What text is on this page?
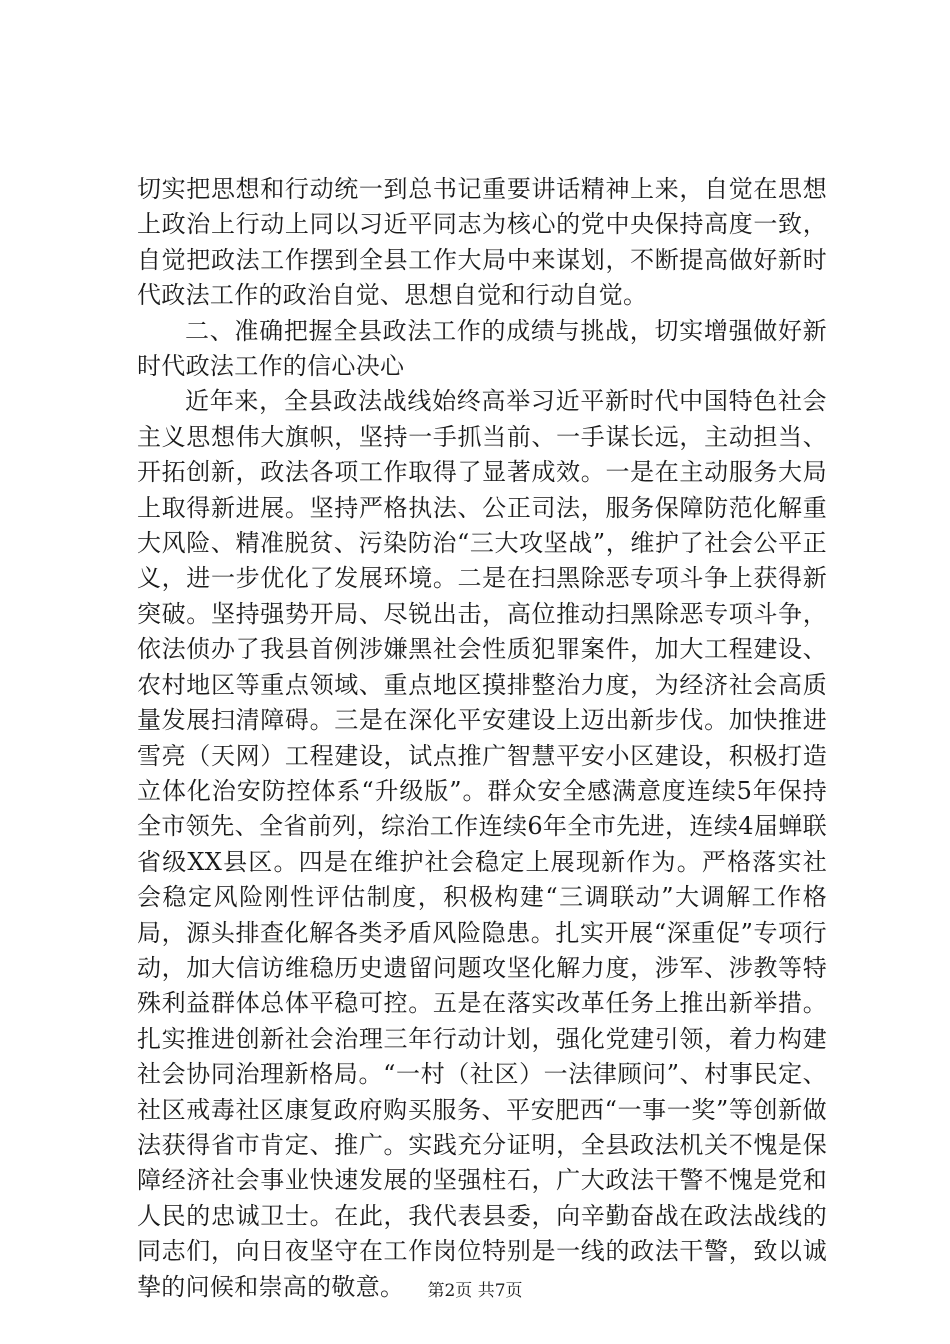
切实把思想和行动统一到总书记重要讲话精神上来，自觉在思想上政治上行动上同以习近平同志为核心的党中央保持高度一致，自觉把政法工作摆到全县工作大局中来谋划，不断提高做好新时代政法工作的政治自觉、思想自觉和行动自觉。

二、准确把握全县政法工作的成绩与挑战，切实增强做好新时代政法工作的信心决心

近年来，全县政法战线始终高举习近平新时代中国特色社会主义思想伟大旗帜，坚持一手抓当前、一手谋长远，主动担当、开拓创新，政法各项工作取得了显著成效。一是在主动服务大局上取得新进展。坚持严格执法、公正司法，服务保障防范化解重大风险、精准脱贫、污染防治“三大攻坚战”，维护了社会公平正义，进一步优化了发展环境。二是在扫黑除恶专项斗争上获得新突破。坚持强势开局、尽锐出击，高位推动扫黑除恶专项斗争，依法侦办了我县首例涉嫌黑社会性质犯罪案件，加大工程建设、农村地区等重点领域、重点地区摸排整治力度，为经济社会高质量发展扫清障碍。三是在深化平安建设上迈出新步伐。加快推进雪亮（天网）工程建设，试点推广智慧平安小区建设，积极打造立体化治安防控体系“升级版”。群众安全感满意度连续5年保持全市领先、全省前列，综治工作连续6年全市先进，连续4届蝉联省级XX县区。四是在维护社会稳定上展现新作为。严格落实社会稳定风险刚性评估制度，积极构建“三调联动”大调解工作格局，源头排查化解各类矛盾风险隐患。扎实开展“深重促”专项行动，加大信访维稳历史遗留问题攻坚化解力度，涉军、涉教等特殊利益群体总体平稳可控。五是在落实改革任务上推出新举措。扎实推进创新社会治理三年行动计划，强化党建引领，着力构建社会协同治理新格局。“一村（社区）一法律顾问”、村事民定、社区戒毒社区康复政府购买服务、平安肥西“一事一奖”等创新做法获得省市肯定、推广。实践充分证明，全县政法机关不愧是保障经济社会事业快速发展的坚强柱石，广大政法干警不愧是党和人民的忠诚卫士。在此，我代表县委，向辛勤奋战在政法战线的同志们，向日夜坚守在工作岗位特别是一线的政法干警，致以诚挚的问候和崇高的敬意。	第2页 共7页
